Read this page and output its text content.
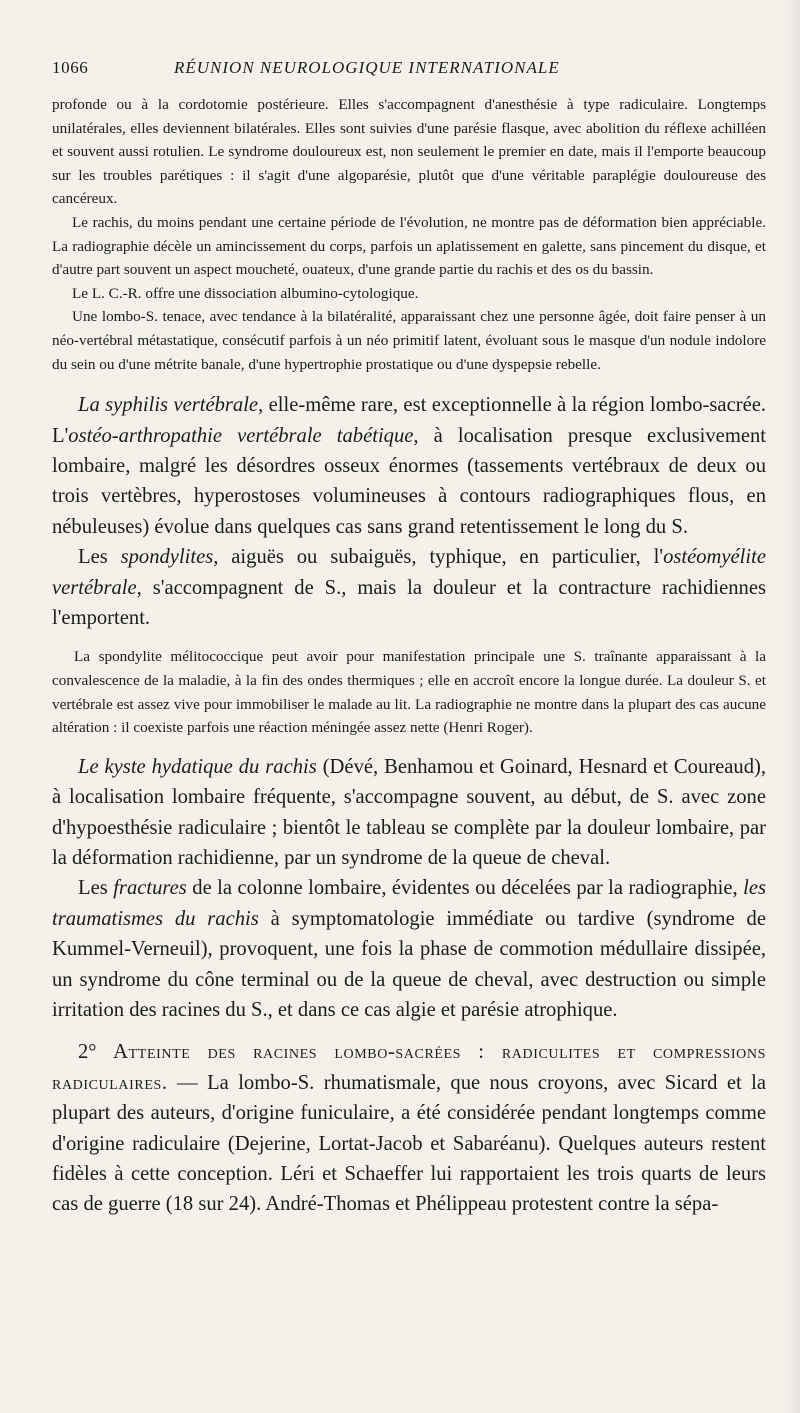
1066	RÉUNION NEUROLOGIQUE INTERNATIONALE

profonde ou à la cordotomie postérieure. Elles s'accompagnent d'anesthésie à type radiculaire. Longtemps unilatérales, elles deviennent bilatérales. Elles sont suivies d'une parésie flasque, avec abolition du réflexe achilléen et souvent aussi rotulien. Le syndrome douloureux est, non seulement le premier en date, mais il l'emporte beaucoup sur les troubles parétiques : il s'agit d'une algoparésie, plutôt que d'une véritable paraplégie douloureuse des cancéreux.

Le rachis, du moins pendant une certaine période de l'évolution, ne montre pas de déformation bien appréciable. La radiographie décèle un amincissement du corps, parfois un aplatissement en galette, sans pincement du disque, et d'autre part souvent un aspect moucheté, ouateux, d'une grande partie du rachis et des os du bassin.

Le L. C.-R. offre une dissociation albumino-cytologique.

Une lombo-S. tenace, avec tendance à la bilatéralité, apparaissant chez une personne âgée, doit faire penser à un néo-vertébral métastatique, consécutif parfois à un néo primitif latent, évoluant sous le masque d'un nodule indolore du sein ou d'une métrite banale, d'une hypertrophie prostatique ou d'une dyspepsie rebelle.

La syphilis vertébrale, elle-même rare, est exceptionnelle à la région lombo-sacrée. L'ostéo-arthropathie vertébrale tabétique, à localisation presque exclusivement lombaire, malgré les désordres osseux énormes (tassements vertébraux de deux ou trois vertèbres, hyperostoses volumineuses à contours radiographiques flous, en nébuleuses) évolue dans quelques cas sans grand retentissement le long du S.

Les spondylites, aiguës ou subaiguës, typhique, en particulier, l'ostéomyélite vertébrale, s'accompagnent de S., mais la douleur et la contracture rachidiennes l'emportent.

La spondylite mélitococcique peut avoir pour manifestation principale une S. traînante apparaissant à la convalescence de la maladie, à la fin des ondes thermiques ; elle en accroît encore la longue durée. La douleur S. et vertébrale est assez vive pour immobiliser le malade au lit. La radiographie ne montre dans la plupart des cas aucune altération : il coexiste parfois une réaction méningée assez nette (Henri Roger).

Le kyste hydatique du rachis (Dévé, Benhamou et Goinard, Hesnard et Coureaud), à localisation lombaire fréquente, s'accompagne souvent, au début, de S. avec zone d'hypoesthésie radiculaire ; bientôt le tableau se complète par la douleur lombaire, par la déformation rachidienne, par un syndrome de la queue de cheval.

Les fractures de la colonne lombaire, évidentes ou décelées par la radiographie, les traumatismes du rachis à symptomatologie immédiate ou tardive (syndrome de Kummel-Verneuil), provoquent, une fois la phase de commotion médullaire dissipée, un syndrome du cône terminal ou de la queue de cheval, avec destruction ou simple irritation des racines du S., et dans ce cas algie et parésie atrophique.

2° Atteinte des racines lombo-sacrées : radiculites et compressions radiculaires. — La lombo-S. rhumatismale, que nous croyons, avec Sicard et la plupart des auteurs, d'origine funiculaire, a été considérée pendant longtemps comme d'origine radiculaire (Dejerine, Lortat-Jacob et Sabaréanu). Quelques auteurs restent fidèles à cette conception. Léri et Schaeffer lui rapportaient les trois quarts de leurs cas de guerre (18 sur 24). André-Thomas et Phélippeau protestent contre la sépa-
